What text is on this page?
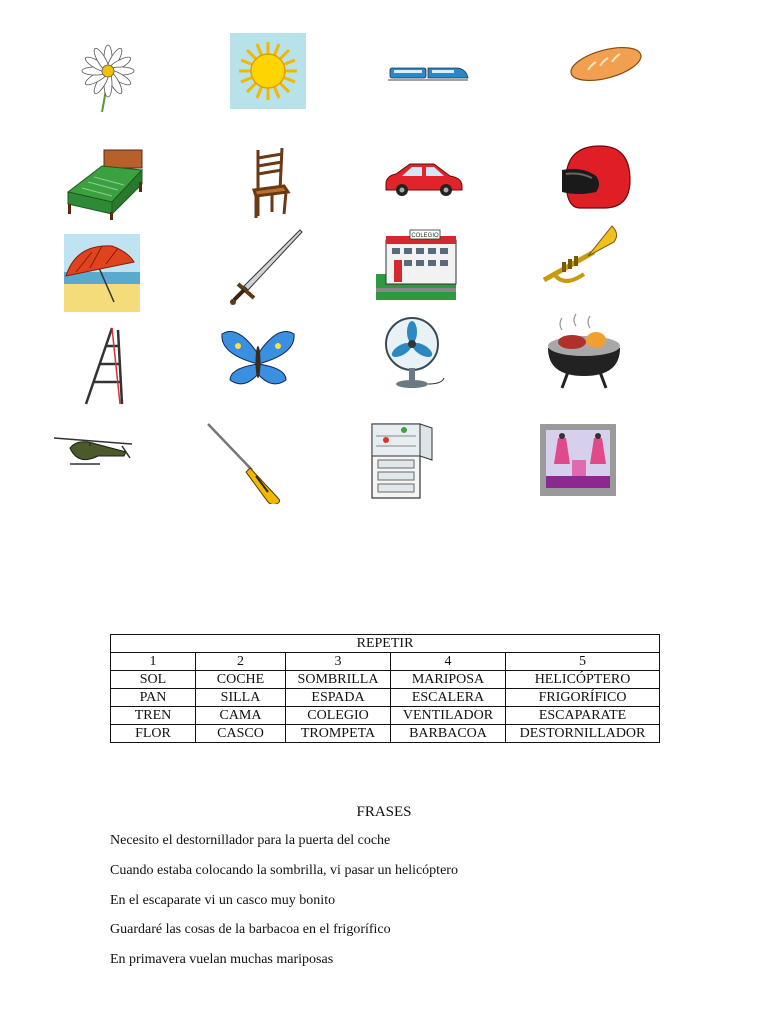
COLEGIO
REPETIR				
1	2	3	4	5
SOL	COCHE	SOMBRILLA	MARIPOSA	HELICÓPTERO
PAN	SILLA	ESPADA	ESCALERA	FRIGORÍFICO
TREN	CAMA	COLEGIO	VENTILADOR	ESCAPARATE
FLOR	CASCO	TROMPETA	BARBACOA	DESTORNILLADOR
FRASES
Necesito el destornillador para la puerta del coche
Cuando estaba colocando la sombrilla, vi pasar un helicóptero
En el escaparate vi un casco muy bonito
Guardaré las cosas de la barbacoa en el frigorífico
En primavera vuelan muchas mariposas
